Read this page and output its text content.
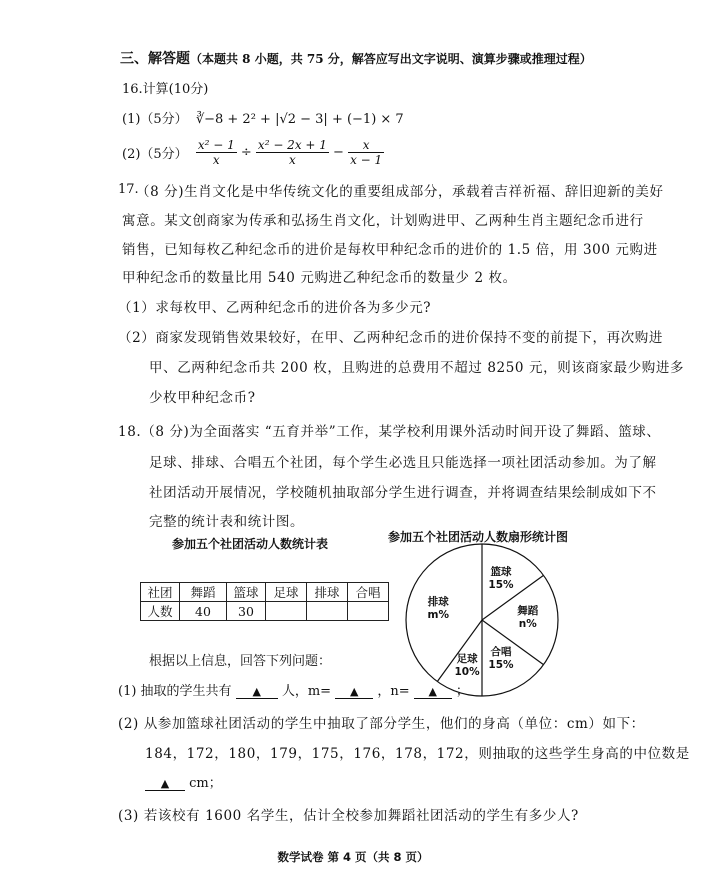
三、解答题 （本题共 8 小题，共 75 分，解答应写出文字说明、演算步骤或推理过程）
16.计算(10分)
(1)（5分） ∛−8 + 2² + |√2 − 3| + (−1) × 7
(2)（5分） $\frac{\text{x² − 1}}{x} \div \frac{\text{x² − 2x + 1}}{x} - \frac{x}{x - 1}$
17.
（8 分)生肖文化是中华传统文化的重要组成部分，承载着吉祥祈福、辞旧迎新的美好
寓意。某文创商家为传承和弘扬生肖文化，计划购进甲、乙两种生肖主题纪念币进行
销售，已知每枚乙种纪念币的进价是每枚甲种纪念币的进价的 1.5 倍，用 300 元购进
甲种纪念币的数量比用 540 元购进乙种纪念币的数量少 2 枚。
（1）求每枚甲、乙两种纪念币的进价各为多少元?
（2）商家发现销售效果较好，在甲、乙两种纪念币的进价保持不变的前提下，再次购进
甲、乙两种纪念币共 200 枚，且购进的总费用不超过 8250 元，则该商家最少购进多
少枚甲种纪念币?
18.（8 分)为全面落实 “五育并举”工作，某学校利用课外活动时间开设了舞蹈、篮球、
足球、排球、合唱五个社团，每个学生必选且只能选择一项社团活动参加。为了解
社团活动开展情况，学校随机抽取部分学生进行调查，并将调查结果绘制成如下不
完整的统计表和统计图。
参加五个社团活动人数统计表	参加五个社团活动人数扇形统计图
社团	舞蹈	篮球	足球	排球	合唱
人数	40	30			
篮球
15%
舞蹈
n%
合唱
15%
足球
10%
排球
m%
根据以上信息，回答下列问题：
(1) 抽取的学生共有 ▲ 人，m= ▲ ，n= ▲ ；
(2) 从参加篮球社团活动的学生中抽取了部分学生，他们的身高（单位：cm）如下：
184，172，180，179，175，176，178，172，则抽取的这些学生身高的中位数是
▲ cm；
(3) 若该校有 1600 名学生，估计全校参加舞蹈社团活动的学生有多少人?
数学试卷 第 4 页（共 8 页）
